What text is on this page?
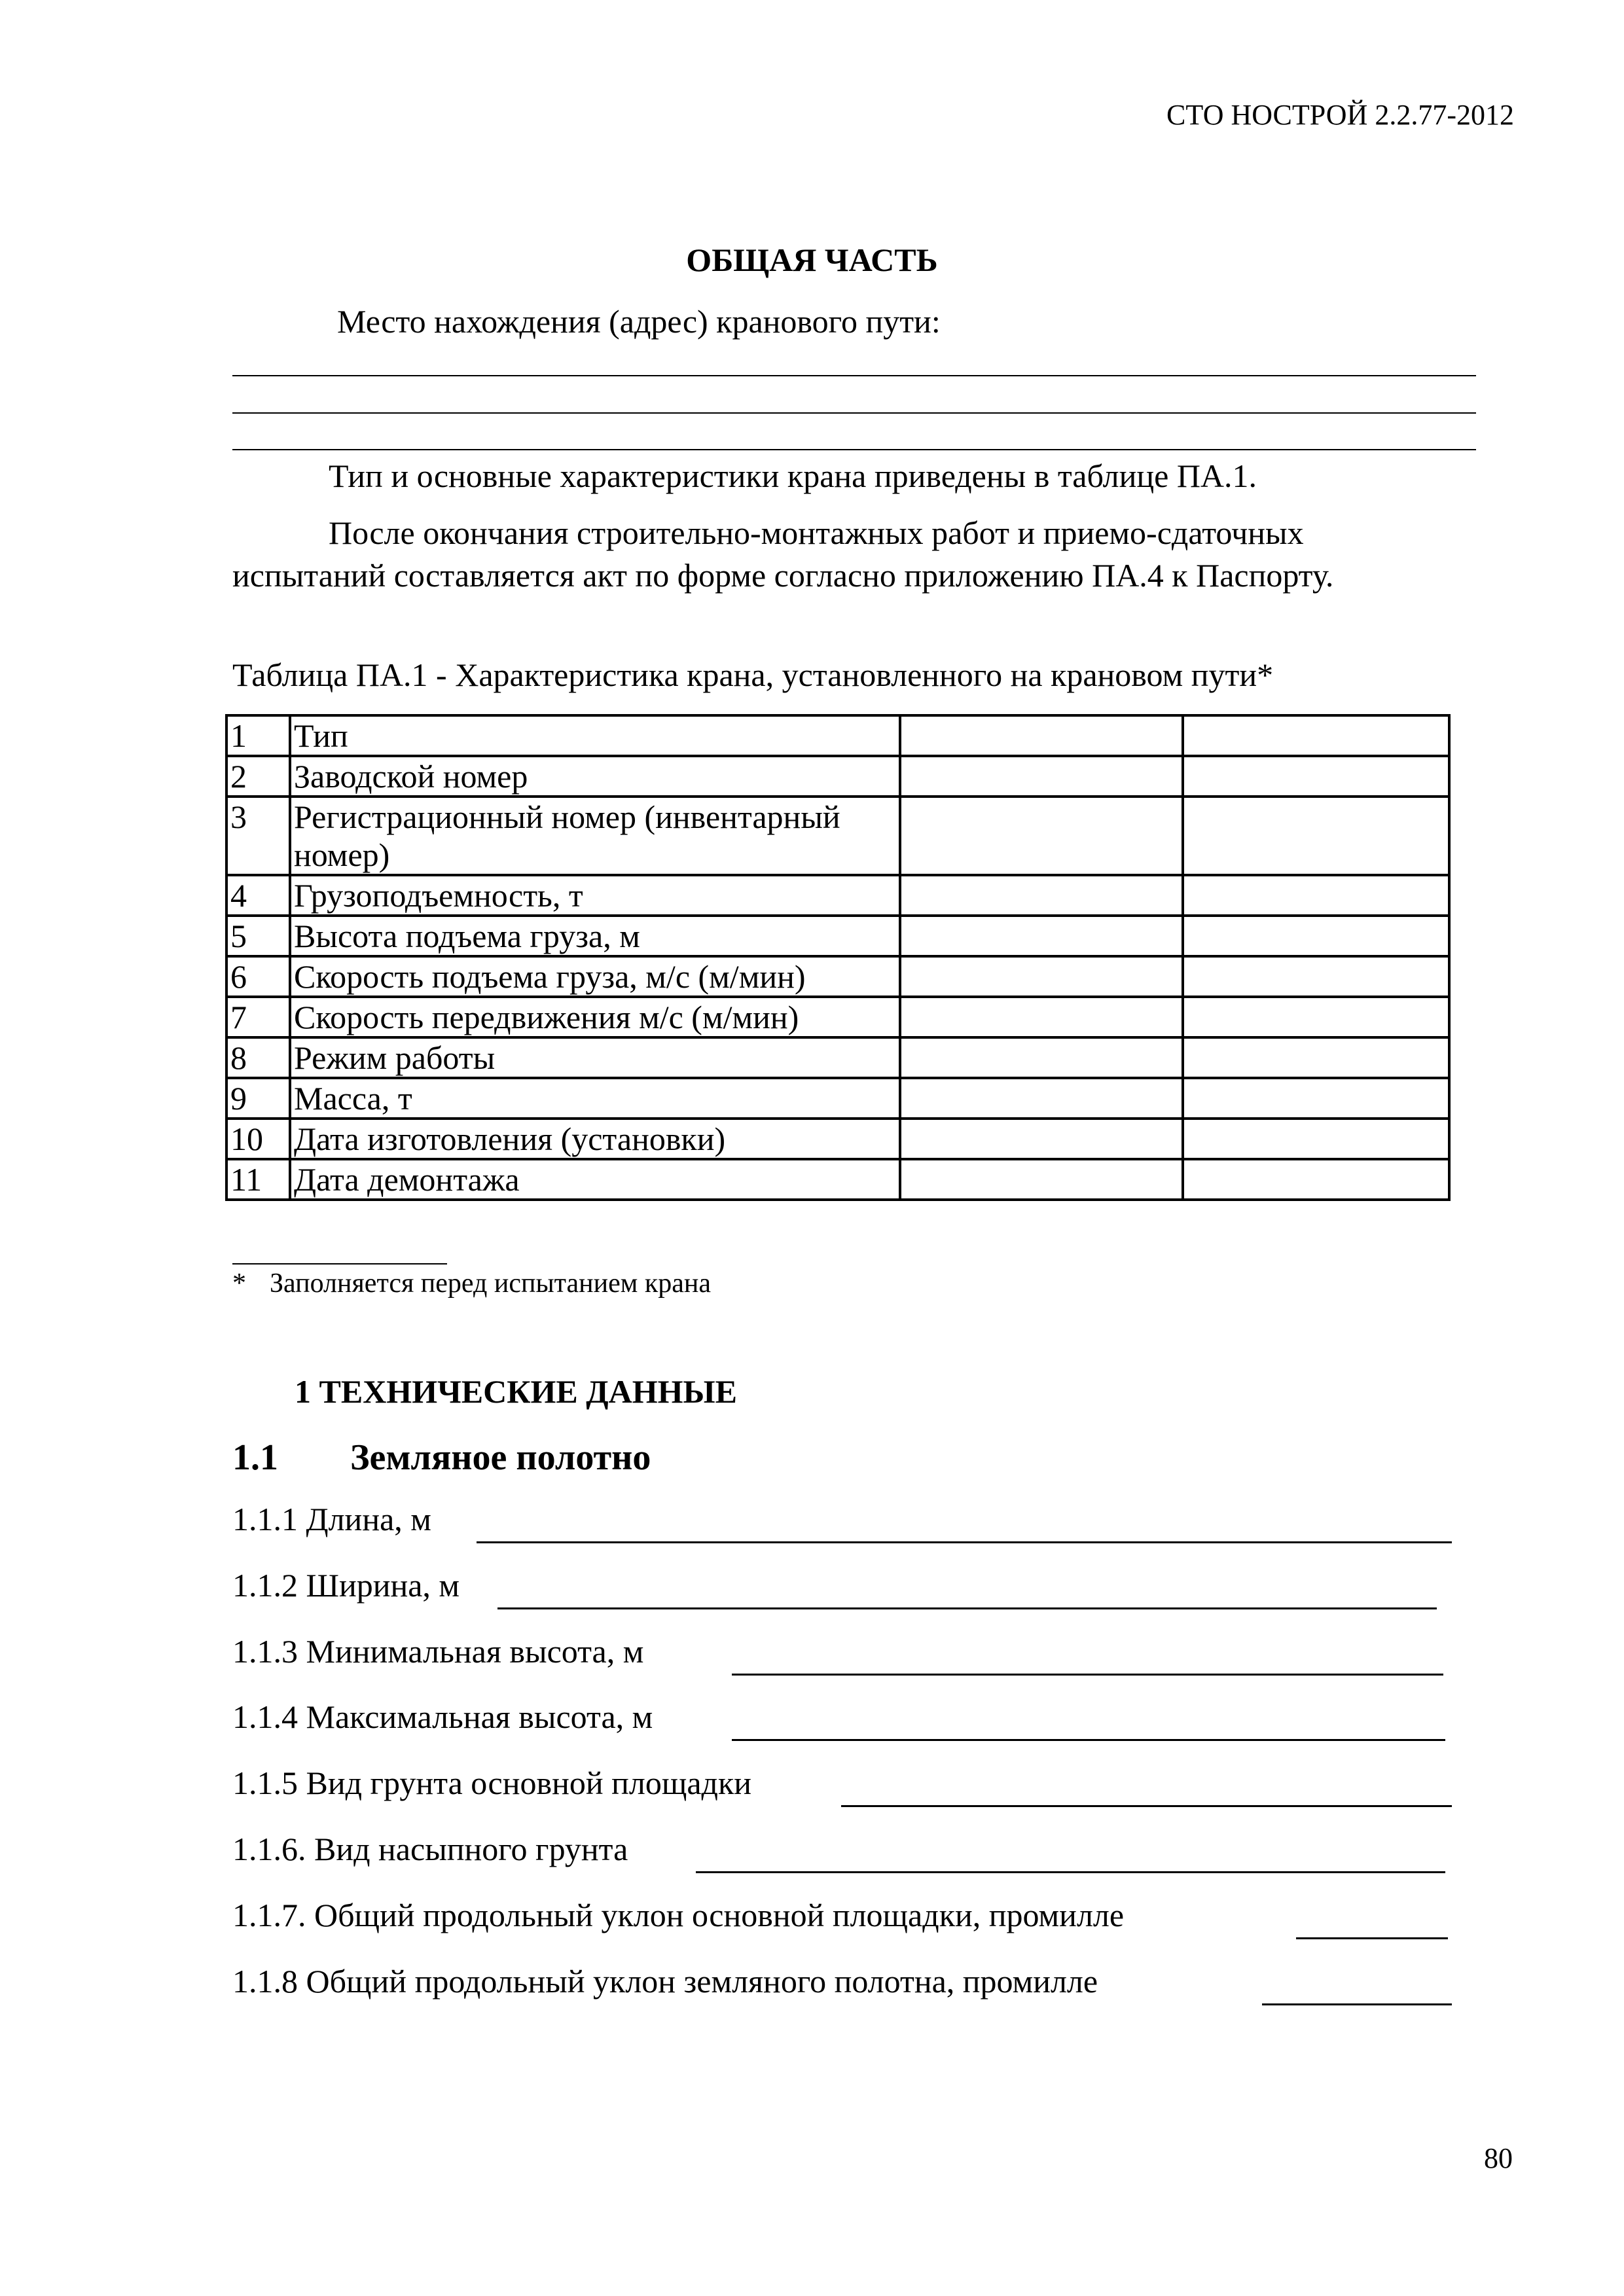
СТО НОСТРОЙ 2.2.77-2012
ОБЩАЯ ЧАСТЬ
Место нахождения (адрес) кранового пути:
Тип и основные характеристики крана приведены в таблице ПА.1.
После окончания строительно-монтажных работ и приемо-сдаточных
испытаний составляется акт по форме согласно приложению ПА.4 к Паспорту.
Таблица ПА.1 - Характеристика крана, установленного на крановом пути*
1	Тип		
2	Заводской номер		
3	Регистрационный номер (инвентарный номер)		
4	Грузоподъемность, т		
5	Высота подъема груза, м		
6	Скорость подъема груза, м/с (м/мин)		
7	Скорость передвижения м/с (м/мин)		
8	Режим работы		
9	Масса, т		
10	Дата изготовления (установки)		
11	Дата демонтажа		
* Заполняется перед испытанием крана
1 ТЕХНИЧЕСКИЕ ДАННЫЕ
1.1 Земляное полотно
1.1.1 Длина, м
1.1.2 Ширина, м
1.1.3 Минимальная высота, м
1.1.4 Максимальная высота, м
1.1.5 Вид грунта основной площадки
1.1.6. Вид насыпного грунта
1.1.7. Общий продольный уклон основной площадки, промилле
1.1.8 Общий продольный уклон земляного полотна, промилле
80
